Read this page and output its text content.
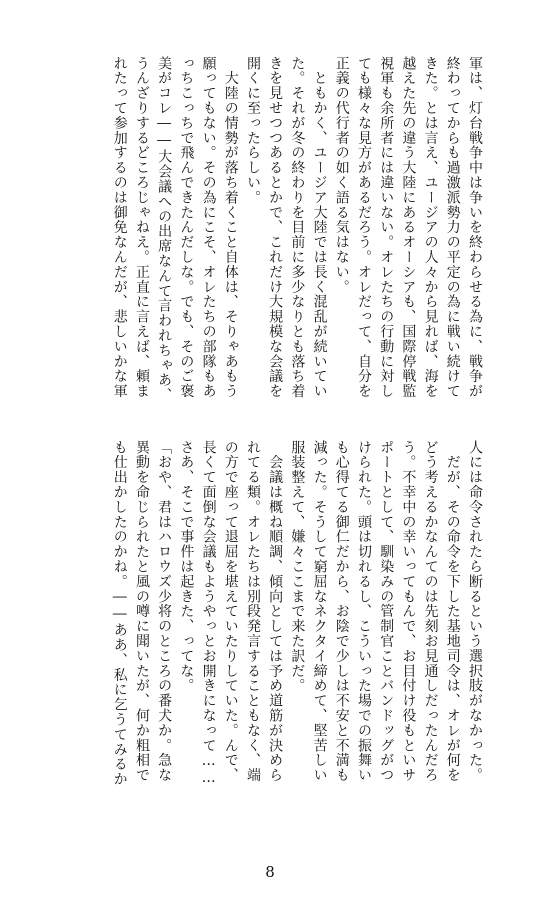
軍は、灯台戦争中は争いを終わらせる為に、戦争が
終わってからも過激派勢力の平定の為に戦い続けて
きた。とは言え、ユージアの人々から見れば、海を
越えた先の違う大陸にあるオーシアも、国際停戦監
視軍も余所者には違いない。オレたちの行動に対し
ても様々な見方があるだろう。オレだって、自分を
正義の代行者の如く語る気はない。
　ともかく、ユージア大陸では長く混乱が続いてい
た。それが冬の終わりを目前に多少なりとも落ち着
きを見せつつあるとかで、これだけ大規模な会議を
開くに至ったらしい。
　大陸の情勢が落ち着くこと自体は、そりゃあもう
願ってもない。その為にこそ、オレたちの部隊もあ
っちこっちで飛んできたんだしな。でも、そのご褒
美がコレ――大会議への出席なんて言われちゃあ、
うんざりするどころじゃねえ。正直に言えば、頼ま
れたって参加するのは御免なんだが、悲しいかな軍
人には命令されたら断るという選択肢がなかった。
　だが、その命令を下した基地司令は、オレが何を
どう考えるかなんてのは先刻お見通しだったんだろ
う。不幸中の幸いってもんで、お目付け役もといサ
ポートとして、馴染みの管制官ことバンドッグがつ
けられた。頭は切れるし、こういった場での振舞い
も心得てる御仁だから、お陰で少しは不安と不満も
減った。そうして窮屈なネクタイ締めて、堅苦しい
服装整えて、嫌々ここまで来た訳だ。
　会議は概ね順調、傾向としては予め道筋が決めら
れてる類。オレたちは別段発言することもなく、端
の方で座って退屈を堪えていたりしていた。んで、
長くて面倒な会議もようやっとお開きになって……
さあ、そこで事件は起きた、ってな。
「おや、君はハロウズ少将のところの番犬か。急な
異動を命じられたと風の噂に聞いたが、何か粗相で
も仕出かしたのかね。――ああ、私に乞うてみるか
8
